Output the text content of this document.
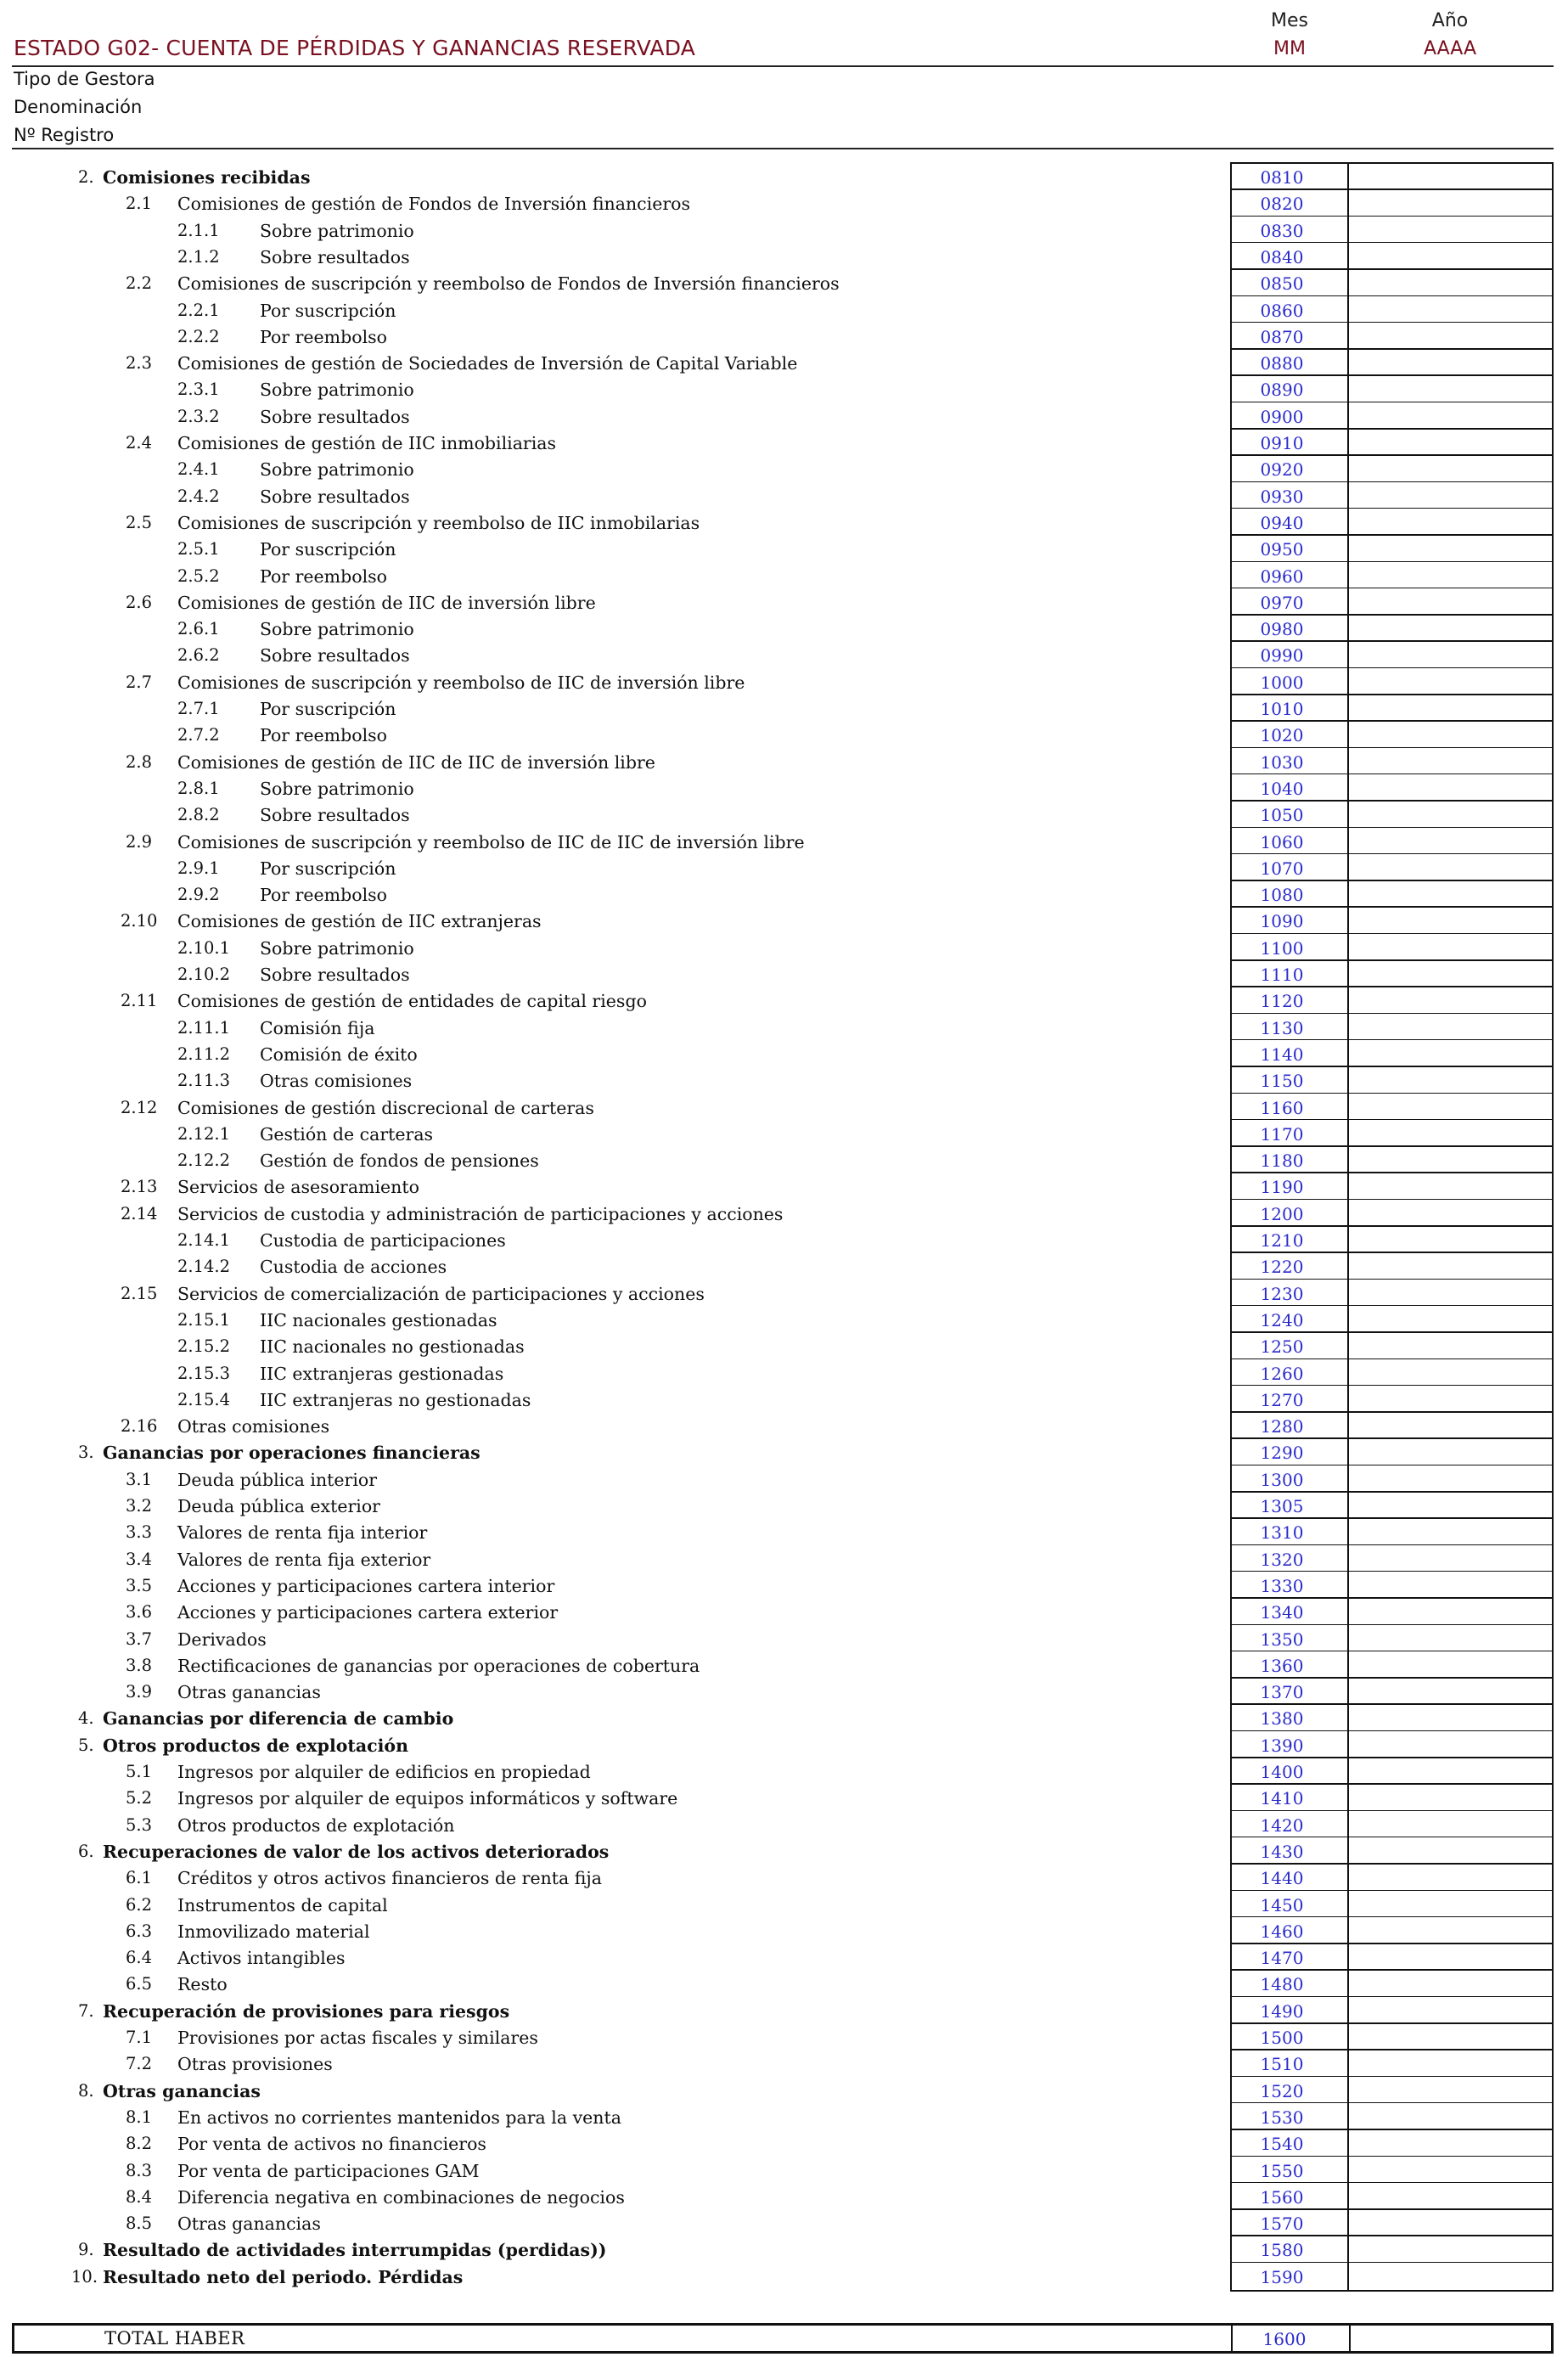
Mes	Año
ESTADO G02- CUENTA DE PÉRDIDAS Y GANANCIAS RESERVADA	MM	AAAA
Tipo de Gestora
Denominación
Nº Registro
2. Comisiones recibidas	0810
2.1 Comisiones de gestión de Fondos de Inversión financieros	0820
2.1.1 Sobre patrimonio	0830
2.1.2 Sobre resultados	0840
2.2 Comisiones de suscripción y reembolso de Fondos de Inversión financieros	0850
2.2.1 Por suscripción	0860
2.2.2 Por reembolso	0870
2.3 Comisiones de gestión de Sociedades de Inversión de Capital Variable	0880
2.3.1 Sobre patrimonio	0890
2.3.2 Sobre resultados	0900
2.4 Comisiones de gestión de IIC inmobiliarias	0910
2.4.1 Sobre patrimonio	0920
2.4.2 Sobre resultados	0930
2.5 Comisiones de suscripción y reembolso de IIC inmobilarias	0940
2.5.1 Por suscripción	0950
2.5.2 Por reembolso	0960
2.6 Comisiones de gestión de IIC de inversión libre	0970
2.6.1 Sobre patrimonio	0980
2.6.2 Sobre resultados	0990
2.7 Comisiones de suscripción y reembolso de IIC de inversión libre	1000
2.7.1 Por suscripción	1010
2.7.2 Por reembolso	1020
2.8 Comisiones de gestión de IIC de IIC de inversión libre	1030
2.8.1 Sobre patrimonio	1040
2.8.2 Sobre resultados	1050
2.9 Comisiones de suscripción y reembolso de IIC de IIC de inversión libre	1060
2.9.1 Por suscripción	1070
2.9.2 Por reembolso	1080
2.10 Comisiones de gestión de IIC extranjeras	1090
2.10.1 Sobre patrimonio	1100
2.10.2 Sobre resultados	1110
2.11 Comisiones de gestión de entidades de capital riesgo	1120
2.11.1 Comisión fija	1130
2.11.2 Comisión de éxito	1140
2.11.3 Otras comisiones	1150
2.12 Comisiones de gestión discrecional de carteras	1160
2.12.1 Gestión de carteras	1170
2.12.2 Gestión de fondos de pensiones	1180
2.13 Servicios de asesoramiento	1190
2.14 Servicios de custodia y administración de participaciones y acciones	1200
2.14.1 Custodia de participaciones	1210
2.14.2 Custodia de acciones	1220
2.15 Servicios de comercialización de participaciones y acciones	1230
2.15.1 IIC nacionales gestionadas	1240
2.15.2 IIC nacionales no gestionadas	1250
2.15.3 IIC extranjeras gestionadas	1260
2.15.4 IIC extranjeras no gestionadas	1270
2.16 Otras comisiones	1280
3. Ganancias por operaciones financieras	1290
3.1 Deuda pública interior	1300
3.2 Deuda pública exterior	1305
3.3 Valores de renta fija interior	1310
3.4 Valores de renta fija exterior	1320
3.5 Acciones y participaciones cartera interior	1330
3.6 Acciones y participaciones cartera exterior	1340
3.7 Derivados	1350
3.8 Rectificaciones de ganancias por operaciones de cobertura	1360
3.9 Otras ganancias	1370
4. Ganancias por diferencia de cambio	1380
5. Otros productos de explotación	1390
5.1 Ingresos por alquiler de edificios en propiedad	1400
5.2 Ingresos por alquiler de equipos informáticos y software	1410
5.3 Otros productos de explotación	1420
6. Recuperaciones de valor de los activos deteriorados	1430
6.1 Créditos y otros activos financieros de renta fija	1440
6.2 Instrumentos de capital	1450
6.3 Inmovilizado material	1460
6.4 Activos intangibles	1470
6.5 Resto	1480
7. Recuperación de provisiones para riesgos	1490
7.1 Provisiones por actas fiscales y similares	1500
7.2 Otras provisiones	1510
8. Otras ganancias	1520
8.1 En activos no corrientes mantenidos para la venta	1530
8.2 Por venta de activos no financieros	1540
8.3 Por venta de participaciones GAM	1550
8.4 Diferencia negativa en combinaciones de negocios	1560
8.5 Otras ganancias	1570
9. Resultado de actividades interrumpidas (perdidas))	1580
10. Resultado neto del periodo. Pérdidas	1590
TOTAL HABER	1600
